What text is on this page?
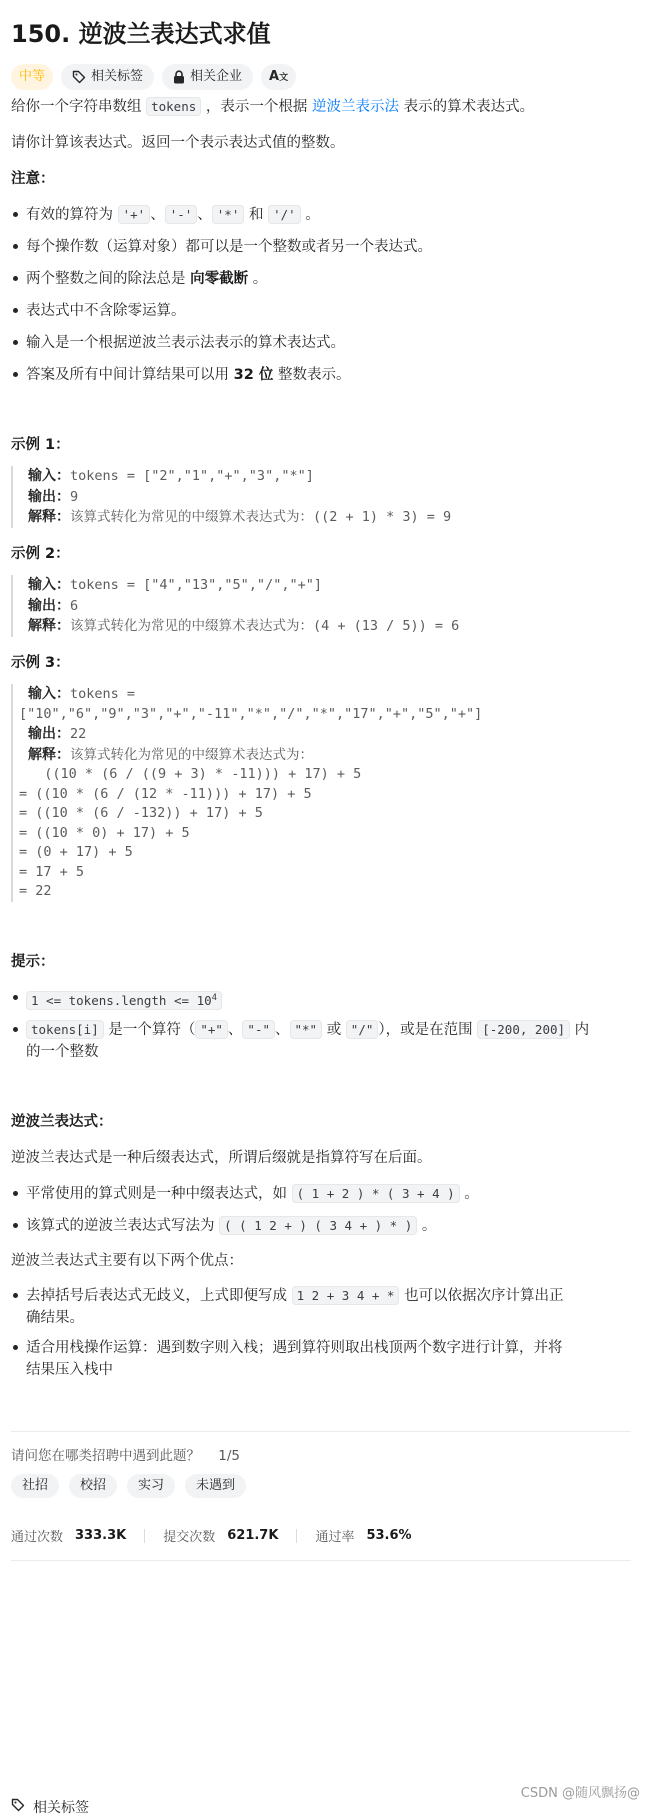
150. 逆波兰表达式求值
中等	相关标签	相关企业 A文
给你一个字符串数组 tokens ，表示一个根据 逆波兰表示法 表示的算术表达式。
请你计算该表达式。返回一个表示表达式值的整数。
注意：
有效的算符为 '+' 、 '-' 、 '*' 和 '/' 。
每个操作数（运算对象）都可以是一个整数或者另一个表达式。
两个整数之间的除法总是 向零截断 。
表达式中不含除零运算。
输入是一个根据逆波兰表示法表示的算术表达式。
答案及所有中间计算结果可以用 32 位 整数表示。
示例 1：
输入：tokens = ["2","1","+","3","*"]
输出：9
解释：该算式转化为常见的中缀算术表达式为：((2 + 1) * 3) = 9
示例 2：
输入：tokens = ["4","13","5","/","+"]
输出：6
解释：该算式转化为常见的中缀算术表达式为：(4 + (13 / 5)) = 6
示例 3：
输入：tokens =
["10","6","9","3","+","-11","*","/","*","17","+","5","+"]
输出：22
解释：该算式转化为常见的中缀算术表达式为：
((10 * (6 / ((9 + 3) * -11))) + 17) + 5
= ((10 * (6 / (12 * -11))) + 17) + 5
= ((10 * (6 / -132)) + 17) + 5
= ((10 * 0) + 17) + 5
= (0 + 17) + 5
= 17 + 5
= 22
提示：
1 <= tokens.length <= $10^4$
tokens[i] 是一个算符（ "+" 、 "-" 、 "*" 或 "/" ），或是在范围 [-200, 200] 内
的一个整数
逆波兰表达式：
逆波兰表达式是一种后缀表达式，所谓后缀就是指算符写在后面。
平常使用的算式则是一种中缀表达式，如 ( 1 + 2 ) * ( 3 + 4 ) 。
该算式的逆波兰表达式写法为 ( ( 1 2 + ) ( 3 4 + ) * ) 。
逆波兰表达式主要有以下两个优点：
去掉括号后表达式无歧义，上式即便写成 1 2 + 3 4 + * 也可以依据次序计算出正
确结果。
适合用栈操作运算：遇到数字则入栈；遇到算符则取出栈顶两个数字进行计算，并将
结果压入栈中
请问您在哪类招聘中遇到此题？ 1/5
社招	校招	实习	未遇到
通过次数 333.3K	提交次数 621.7K	通过率 53.6%
相关标签
CSDN @随风飘扬@
